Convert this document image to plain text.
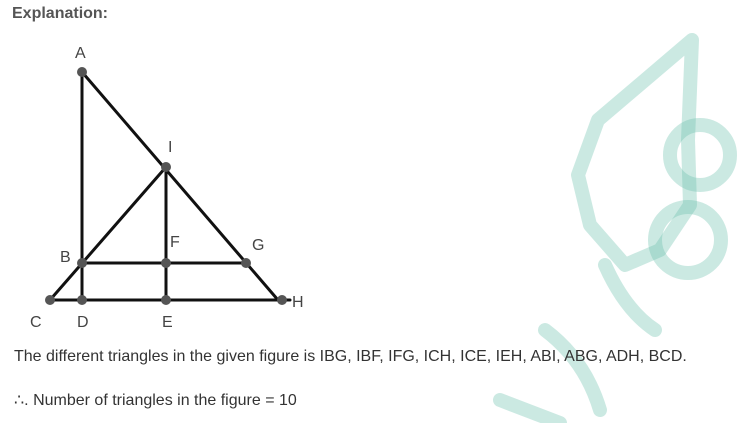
Explanation:
A
I
B
F	G
C D	E
H

The different triangles in the given figure is IBG, IBF, IFG, ICH, ICE, IEH, ABI, ABG, ADH, BCD.

∴. Number of triangles in the figure = 10
